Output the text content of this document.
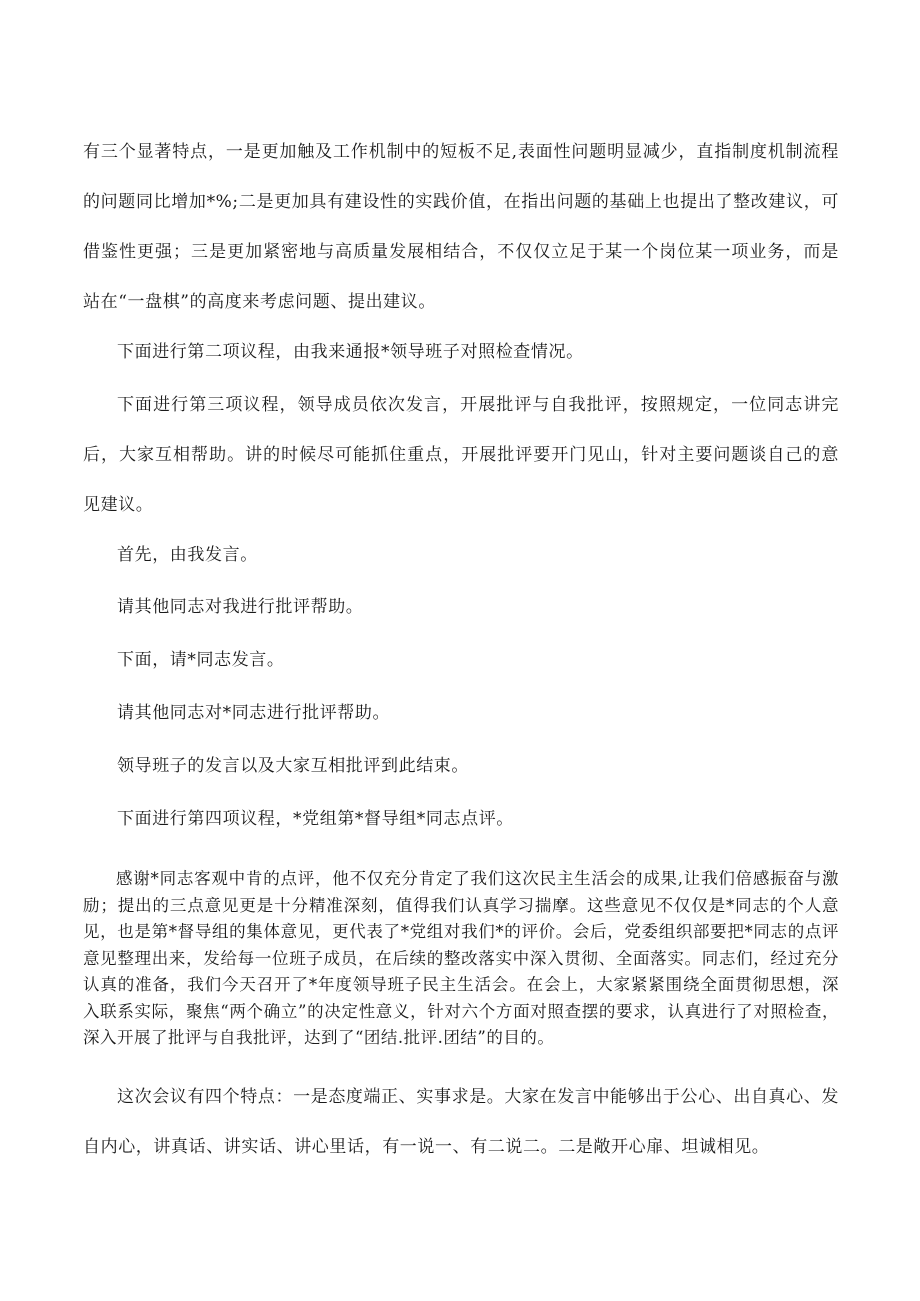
有三个显著特点，一是更加触及工作机制中的短板不足,表面性问题明显减少，直指制度机制流程的问题同比增加*%;二是更加具有建设性的实践价值，在指出问题的基础上也提出了整改建议，可借鉴性更强；三是更加紧密地与高质量发展相结合，不仅仅立足于某一个岗位某一项业务，而是站在“一盘棋”的高度来考虑问题、提出建议。

下面进行第二项议程，由我来通报*领导班子对照检查情况。

下面进行第三项议程，领导成员依次发言，开展批评与自我批评，按照规定，一位同志讲完后，大家互相帮助。讲的时候尽可能抓住重点，开展批评要开门见山，针对主要问题谈自己的意见建议。

首先，由我发言。

请其他同志对我进行批评帮助。

下面，请*同志发言。

请其他同志对*同志进行批评帮助。

领导班子的发言以及大家互相批评到此结束。

下面进行第四项议程，*党组第*督导组*同志点评。

感谢*同志客观中肯的点评，他不仅充分肯定了我们这次民主生活会的成果,让我们倍感振奋与激励；提出的三点意见更是十分精准深刻，值得我们认真学习揣摩。这些意见不仅仅是*同志的个人意见，也是第*督导组的集体意见，更代表了*党组对我们*的评价。会后，党委组织部要把*同志的点评意见整理出来，发给每一位班子成员，在后续的整改落实中深入贯彻、全面落实。同志们，经过充分认真的准备，我们今天召开了*年度领导班子民主生活会。在会上，大家紧紧围绕全面贯彻思想，深入联系实际，聚焦“两个确立”的决定性意义，针对六个方面对照查摆的要求，认真进行了对照检查，深入开展了批评与自我批评，达到了“团结.批评.团结”的目的。

这次会议有四个特点：一是态度端正、实事求是。大家在发言中能够出于公心、出自真心、发自内心，讲真话、讲实话、讲心里话，有一说一、有二说二。二是敞开心扉、坦诚相见。
